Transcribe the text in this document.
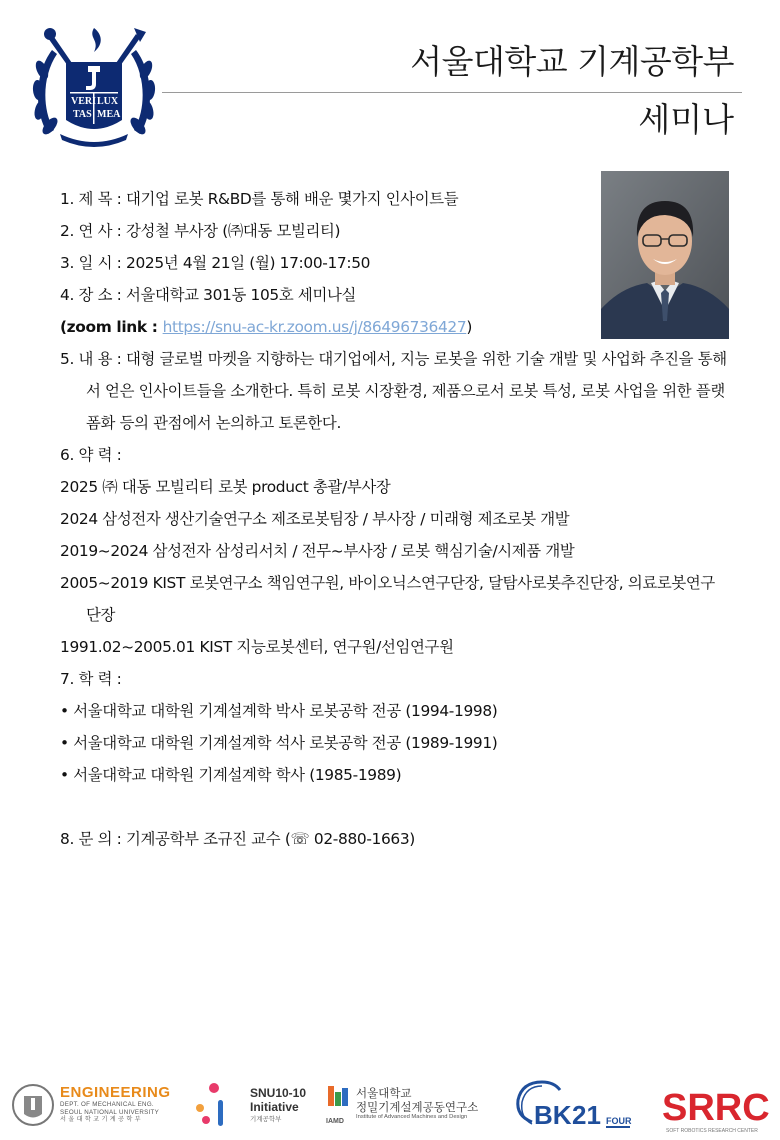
VERI LUX
TAS MEA
서울대학교 기계공학부
세미나
1. 제 목 : 대기업 로봇 R&BD를 통해 배운 몇가지 인사이트들
2. 연 사 : 강성철 부사장 (㈜대동 모빌리티)
3. 일 시 : 2025년 4월 21일 (월) 17:00-17:50
4. 장 소 : 서울대학교 301동 105호 세미나실
(zoom link : https://snu-ac-kr.zoom.us/j/86496736427)
5. 내 용 : 대형 글로벌 마켓을 지향하는 대기업에서, 지능 로봇을 위한 기술 개발 및 사업화 추진을 통해서 얻은 인사이트들을 소개한다. 특히 로봇 시장환경, 제품으로서 로봇 특성, 로봇 사업을 위한 플랫폼화 등의 관점에서 논의하고 토론한다.
6. 약 력 :
2025 ㈜ 대동 모빌리티 로봇 product 총괄/부사장
2024 삼성전자 생산기술연구소 제조로봇팀장 / 부사장 / 미래형 제조로봇 개발
2019~2024 삼성전자 삼성리서치 / 전무~부사장 / 로봇 핵심기술/시제품 개발
2005~2019 KIST 로봇연구소 책임연구원, 바이오닉스연구단장, 달탐사로봇추진단장, 의료로봇연구단장
1991.02~2005.01 KIST 지능로봇센터, 연구원/선임연구원
7. 학 력 :
• 서울대학교 대학원 기계설계학 박사 로봇공학 전공 (1994-1998)
• 서울대학교 대학원 기계설계학 석사 로봇공학 전공 (1989-1991)
• 서울대학교 대학원 기계설계학 학사 (1985-1989)
8. 문 의 : 기계공학부 조규진 교수 (☏ 02-880-1663)
ENGINEERING
DEPT. OF MECHANICAL ENG.
SEOUL NATIONAL UNIVERSITY
서 울 대 학 교 기 계 공 학 부
SNU10-10
Initiative
기계공학부	IAMD
서울대학교
정밀기계설계공동연구소
Institute of Advanced Machines and Design	BK 21 FOUR SRRC
SOFT ROBOTICS RESEARCH CENTER
